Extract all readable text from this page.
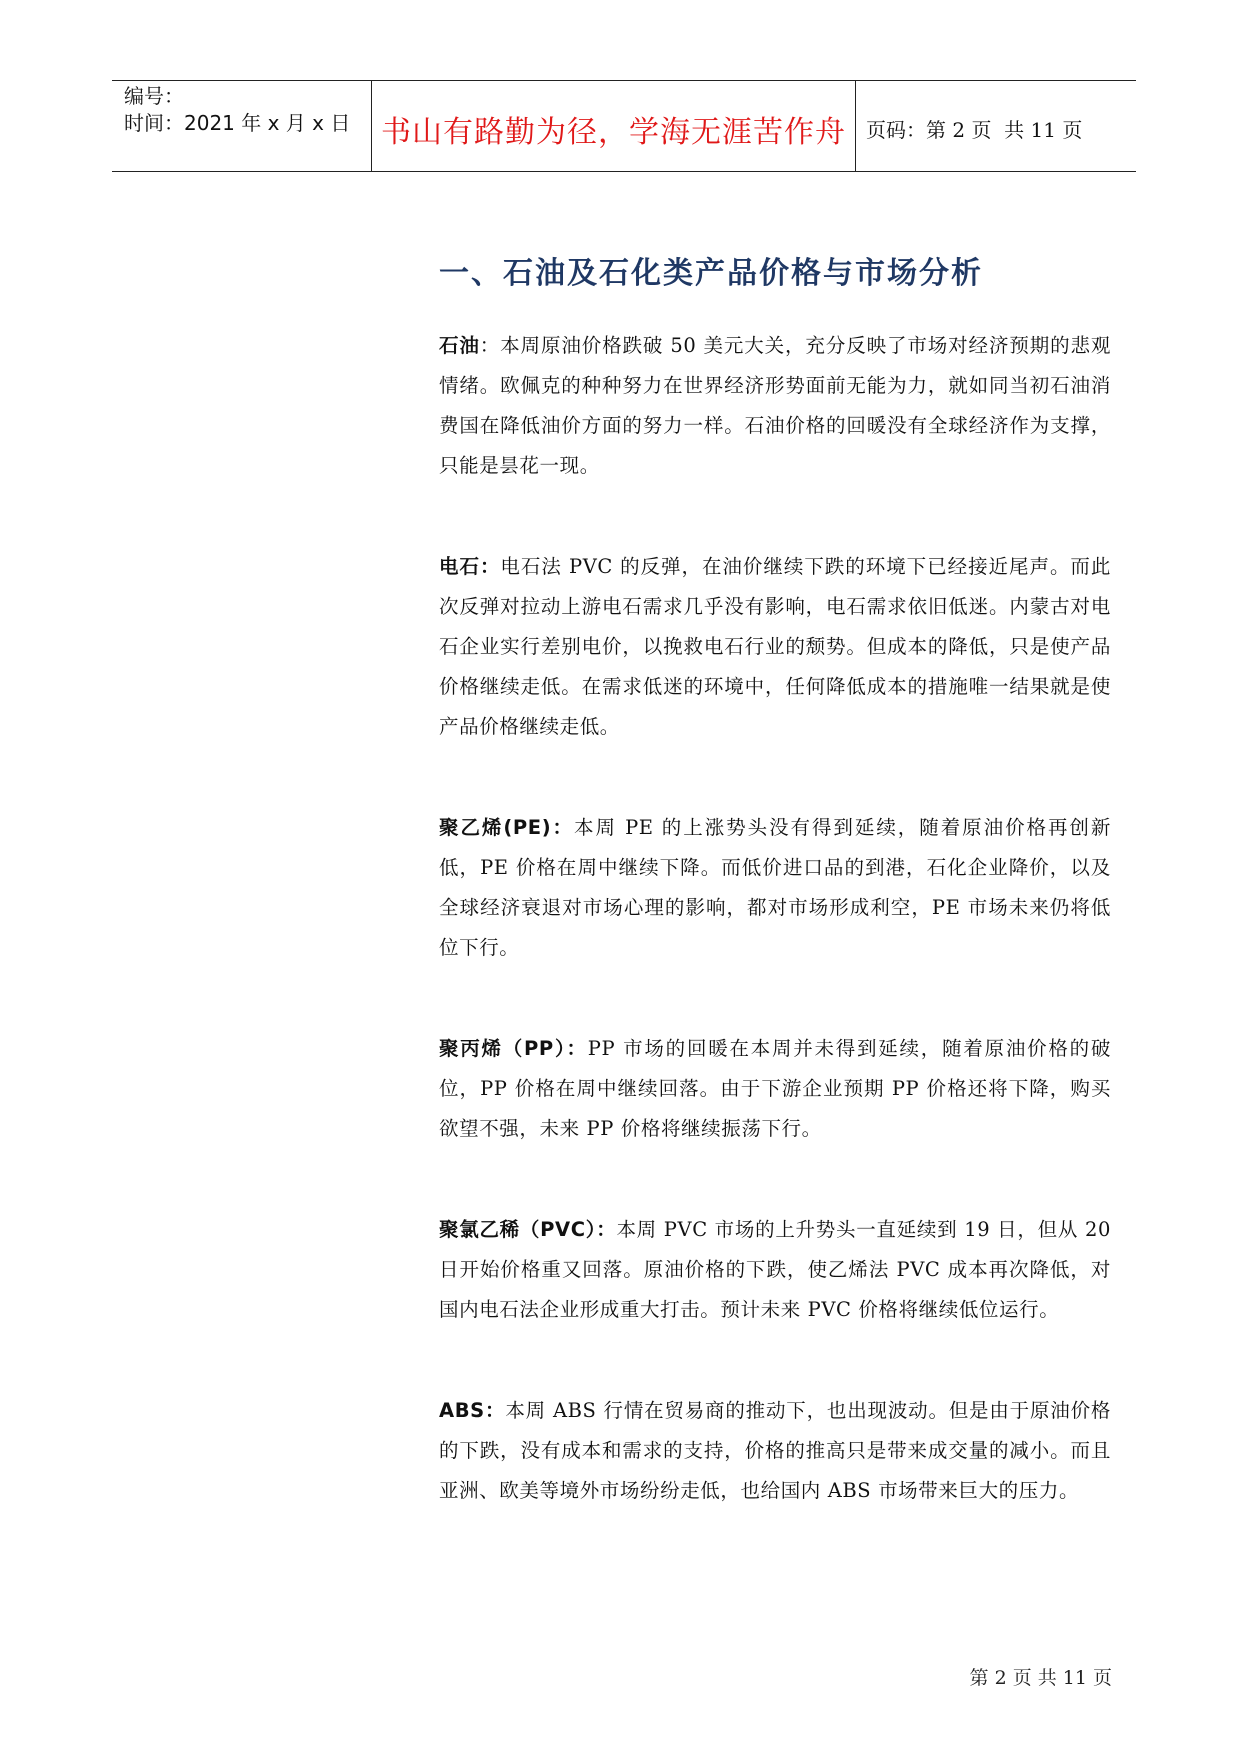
编号：
时间：2021 年 x 月 x 日	书山有路勤为径，学海无涯苦作舟 页码：第 2 页  共 11 页
一、石油及石化类产品价格与市场分析

石油：本周原油价格跌破 50 美元大关，充分反映了市场对经济预期的悲观情绪。欧佩克的种种努力在世界经济形势面前无能为力，就如同当初石油消费国在降低油价方面的努力一样。石油价格的回暖没有全球经济作为支撑，只能是昙花一现。

电石：电石法 PVC 的反弹，在油价继续下跌的环境下已经接近尾声。而此次反弹对拉动上游电石需求几乎没有影响，电石需求依旧低迷。内蒙古对电石企业实行差别电价，以挽救电石行业的颓势。但成本的降低，只是使产品价格继续走低。在需求低迷的环境中，任何降低成本的措施唯一结果就是使产品价格继续走低。

聚乙烯(PE)：本周 PE 的上涨势头没有得到延续，随着原油价格再创新低，PE 价格在周中继续下降。而低价进口品的到港，石化企业降价，以及全球经济衰退对市场心理的影响，都对市场形成利空，PE 市场未来仍将低位下行。

聚丙烯（PP）：PP 市场的回暖在本周并未得到延续，随着原油价格的破位，PP 价格在周中继续回落。由于下游企业预期 PP 价格还将下降，购买欲望不强，未来 PP 价格将继续振荡下行。

聚氯乙稀（PVC）：本周 PVC 市场的上升势头一直延续到 19 日，但从 20 日开始价格重又回落。原油价格的下跌，使乙烯法 PVC 成本再次降低，对国内电石法企业形成重大打击。预计未来 PVC 价格将继续低位运行。

ABS：本周 ABS 行情在贸易商的推动下，也出现波动。但是由于原油价格的下跌，没有成本和需求的支持，价格的推高只是带来成交量的减小。而且亚洲、欧美等境外市场纷纷走低，也给国内 ABS 市场带来巨大的压力。

第 2 页 共 11 页
